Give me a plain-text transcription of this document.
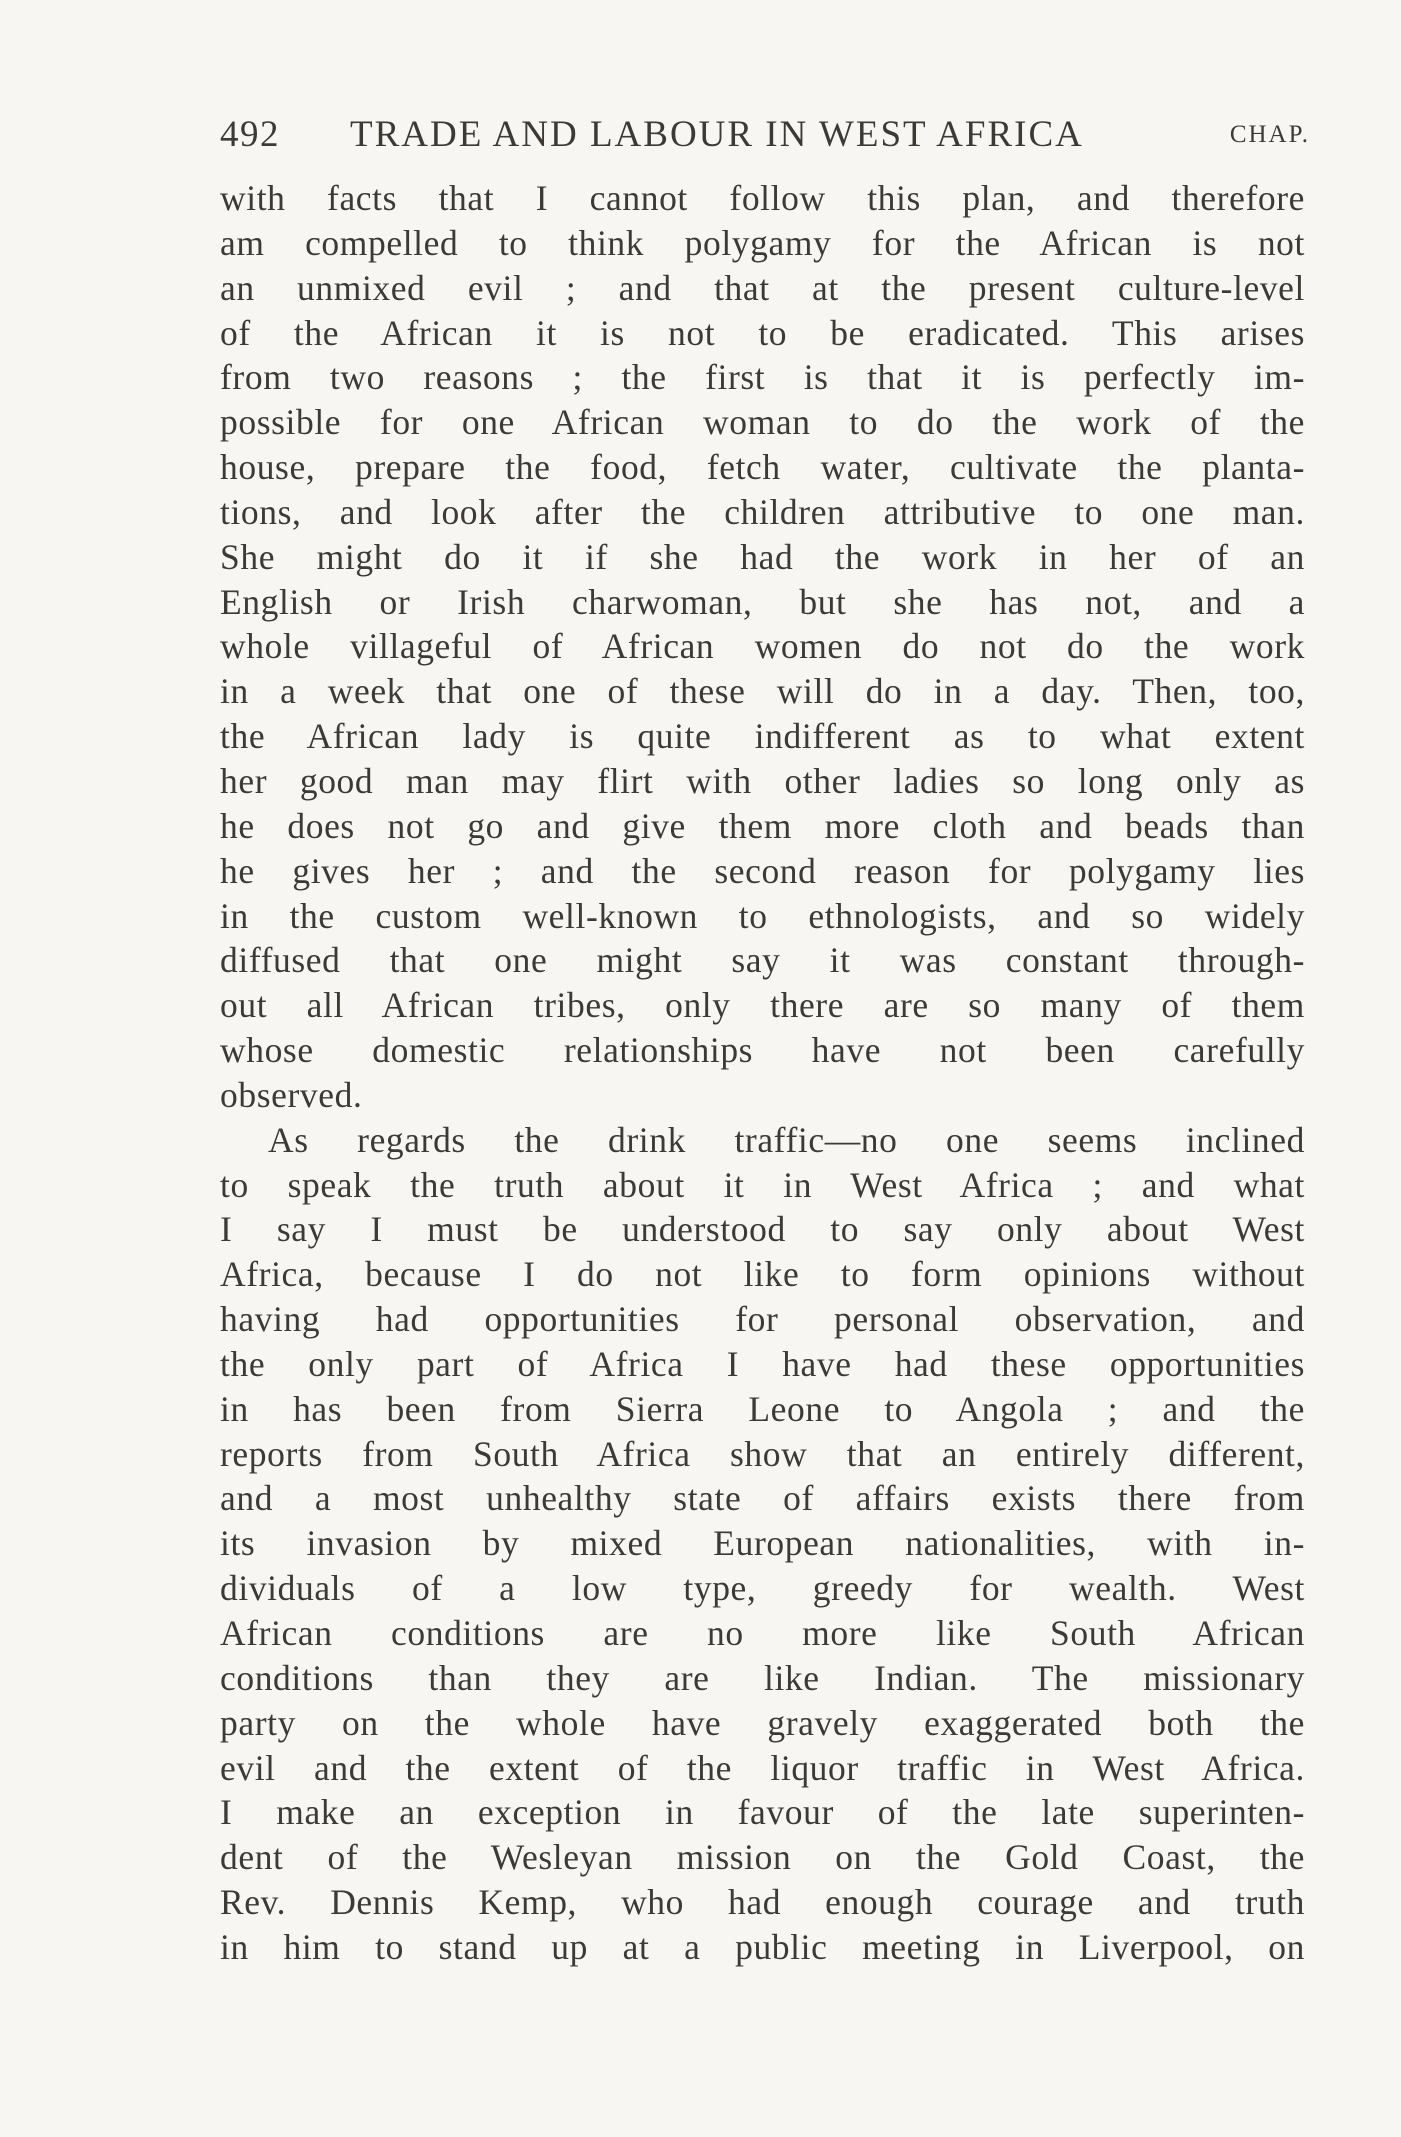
492 TRADE AND LABOUR IN WEST AFRICA	CHAP.
with facts that I cannot follow this plan, and therefore
am compelled to think polygamy for the African is not
an unmixed evil ; and that at the present culture-level
of the African it is not to be eradicated. This arises
from two reasons ; the first is that it is perfectly im-
possible for one African woman to do the work of the
house, prepare the food, fetch water, cultivate the planta-
tions, and look after the children attributive to one man.
She might do it if she had the work in her of an
English or Irish charwoman, but she has not, and a
whole villageful of African women do not do the work
in a week that one of these will do in a day. Then, too,
the African lady is quite indifferent as to what extent
her good man may flirt with other ladies so long only as
he does not go and give them more cloth and beads than
he gives her ; and the second reason for polygamy lies
in the custom well-known to ethnologists, and so widely
diffused that one might say it was constant through-
out all African tribes, only there are so many of them
whose domestic relationships have not been carefully
observed.
As regards the drink traffic—no one seems inclined
to speak the truth about it in West Africa ; and what
I say I must be understood to say only about West
Africa, because I do not like to form opinions without
having had opportunities for personal observation, and
the only part of Africa I have had these opportunities
in has been from Sierra Leone to Angola ; and the
reports from South Africa show that an entirely different,
and a most unhealthy state of affairs exists there from
its invasion by mixed European nationalities, with in-
dividuals of a low type, greedy for wealth. West
African conditions are no more like South African
conditions than they are like Indian. The missionary
party on the whole have gravely exaggerated both the
evil and the extent of the liquor traffic in West Africa.
I make an exception in favour of the late superinten-
dent of the Wesleyan mission on the Gold Coast, the
Rev. Dennis Kemp, who had enough courage and truth
in him to stand up at a public meeting in Liverpool, on
